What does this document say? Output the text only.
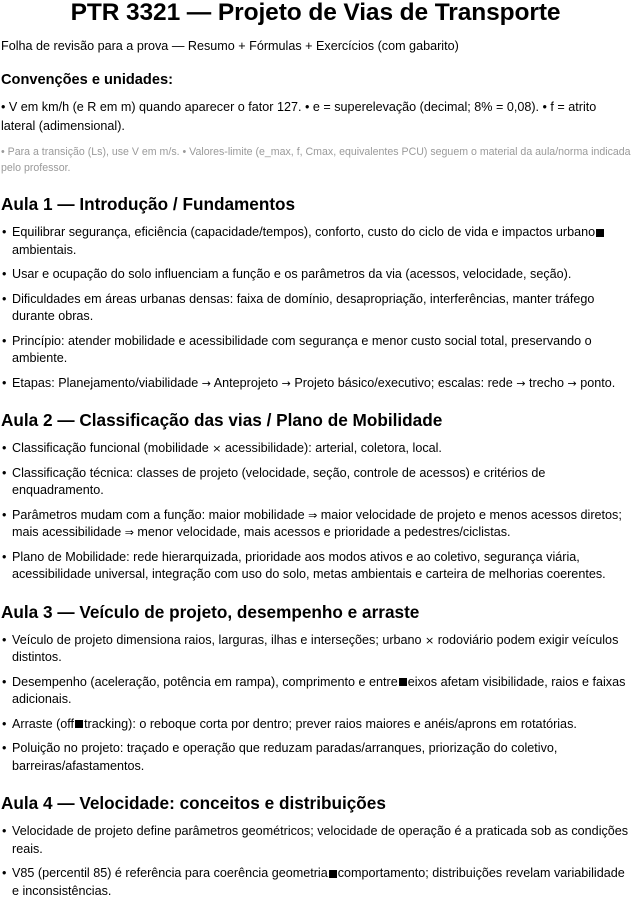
PTR 3321 — Projeto de Vias de Transporte
Folha de revisão para a prova — Resumo + Fórmulas + Exercícios (com gabarito)
Convenções e unidades:
• V em km/h (e R em m) quando aparecer o fator 127. • e = superelevação (decimal; 8% = 0,08). • f = atrito lateral (adimensional).
• Para a transição (Ls), use V em m/s. • Valores-limite (e_max, f, Cmax, equivalentes PCU) seguem o material da aula/norma indicada pelo professor.
Aula 1 — Introdução / Fundamentos
• Equilibrar segurança, eficiência (capacidade/tempos), conforto, custo do ciclo de vida e impactos urbanoambientais.
• Usar e ocupação do solo influenciam a função e os parâmetros da via (acessos, velocidade, seção).
• Dificuldades em áreas urbanas densas: faixa de domínio, desapropriação, interferências, manter tráfego durante obras.
• Princípio: atender mobilidade e acessibilidade com segurança e menor custo social total, preservando o ambiente.
• Etapas: Planejamento/viabilidade → Anteprojeto → Projeto básico/executivo; escalas: rede → trecho → ponto.
Aula 2 — Classificação das vias / Plano de Mobilidade
• Classificação funcional (mobilidade × acessibilidade): arterial, coletora, local.
• Classificação técnica: classes de projeto (velocidade, seção, controle de acessos) e critérios de enquadramento.
• Parâmetros mudam com a função: maior mobilidade ⇒ maior velocidade de projeto e menos acessos diretos; mais acessibilidade ⇒ menor velocidade, mais acessos e prioridade a pedestres/ciclistas.
• Plano de Mobilidade: rede hierarquizada, prioridade aos modos ativos e ao coletivo, segurança viária, acessibilidade universal, integração com uso do solo, metas ambientais e carteira de melhorias coerentes.
Aula 3 — Veículo de projeto, desempenho e arraste
• Veículo de projeto dimensiona raios, larguras, ilhas e interseções; urbano × rodoviário podem exigir veículos distintos.
• Desempenho (aceleração, potência em rampa), comprimento e entre eixos afetam visibilidade, raios e faixas adicionais.
• Arraste (off tracking): o reboque corta por dentro; prever raios maiores e anéis/aprons em rotatórias.
• Poluição no projeto: traçado e operação que reduzam paradas/arranques, priorização do coletivo, barreiras/afastamentos.
Aula 4 — Velocidade: conceitos e distribuições
• Velocidade de projeto define parâmetros geométricos; velocidade de operação é a praticada sob as condições reais.
• V85 (percentil 85) é referência para coerência geometria comportamento; distribuições revelam variabilidade e inconsistências.
